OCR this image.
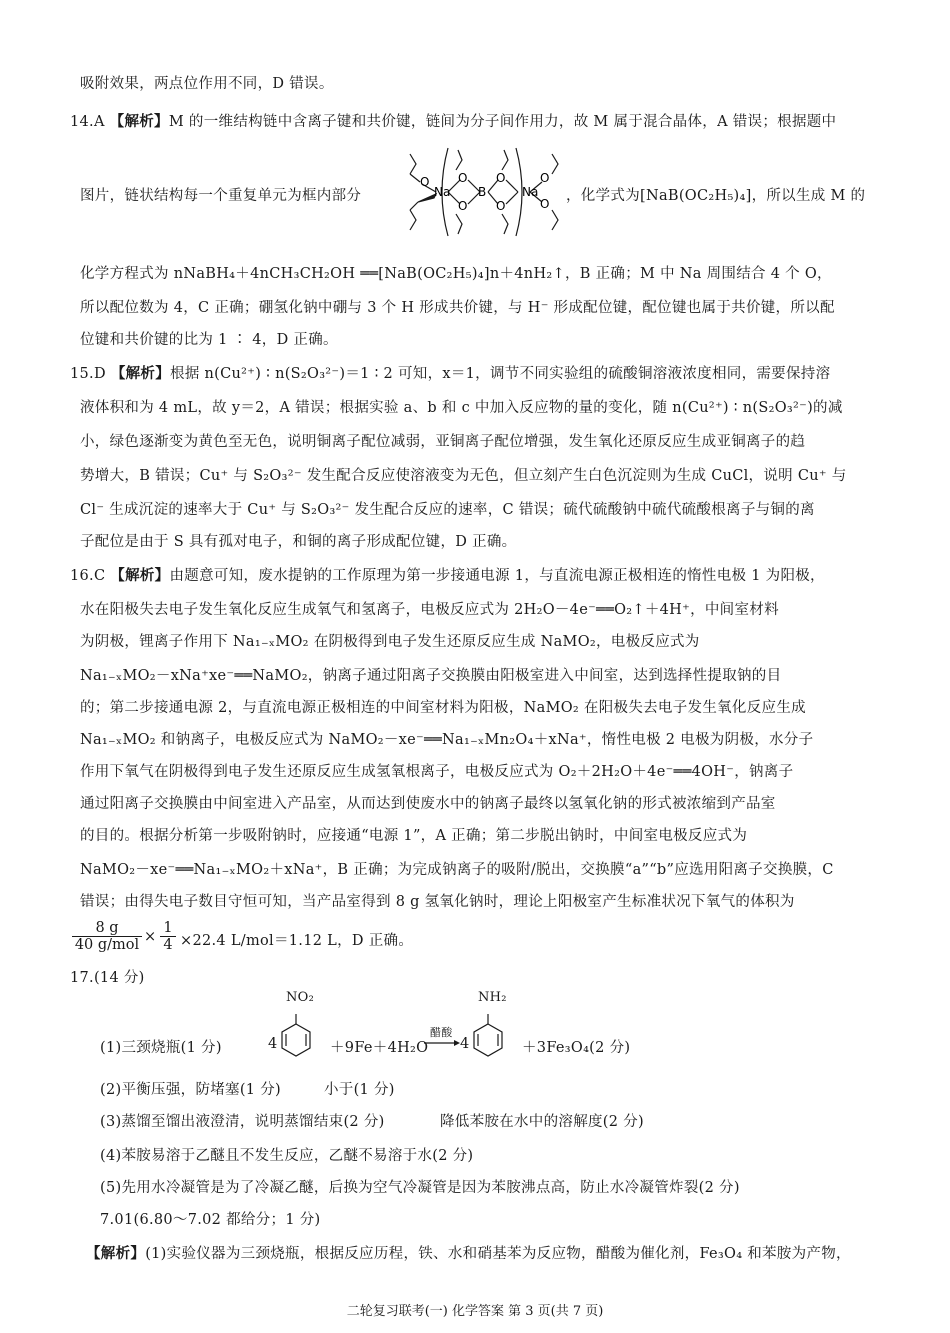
吸附效果，两点位作用不同，D 错误。
14.A 【解析】M 的一维结构链中含离子键和共价键，链间为分子间作用力，故 M 属于混合晶体，A 错误；根据题中
图片，链状结构每一个重复单元为框内部分	Na B	Na
O
O
O
O
O	O
O ，化学式为[NaB(OC₂H₅)₄]，所以生成 M 的
化学方程式为 nNaBH₄＋4nCH₃CH₂OH ══[NaB(OC₂H₅)₄]n＋4nH₂↑，B 正确；M 中 Na 周围结合 4 个 O，
所以配位数为 4，C 正确；硼氢化钠中硼与 3 个 H 形成共价键，与 H⁻ 形成配位键，配位键也属于共价键，所以配
位键和共价键的比为 1 ∶ 4，D 正确。
15.D 【解析】根据 n(Cu²⁺) ∶ n(S₂O₃²⁻)＝1 ∶ 2 可知，x＝1，调节不同实验组的硫酸铜溶液浓度相同，需要保持溶
液体积和为 4 mL，故 y＝2，A 错误；根据实验 a、b 和 c 中加入反应物的量的变化，随 n(Cu²⁺) ∶ n(S₂O₃²⁻)的减
小，绿色逐渐变为黄色至无色，说明铜离子配位减弱，亚铜离子配位增强，发生氧化还原反应生成亚铜离子的趋
势增大，B 错误；Cu⁺ 与 S₂O₃²⁻ 发生配合反应使溶液变为无色，但立刻产生白色沉淀则为生成 CuCl，说明 Cu⁺ 与
Cl⁻ 生成沉淀的速率大于 Cu⁺ 与 S₂O₃²⁻ 发生配合反应的速率，C 错误；硫代硫酸钠中硫代硫酸根离子与铜的离
子配位是由于 S 具有孤对电子，和铜的离子形成配位键，D 正确。
16.C 【解析】由题意可知，废水提钠的工作原理为第一步接通电源 1，与直流电源正极相连的惰性电极 1 为阳极，
水在阳极失去电子发生氧化反应生成氧气和氢离子，电极反应式为 2H₂O－4e⁻══O₂↑＋4H⁺，中间室材料
为阴极，锂离子作用下 Na₁₋ₓMO₂ 在阴极得到电子发生还原反应生成 NaMO₂，电极反应式为
Na₁₋ₓMO₂－xNa⁺xe⁻══NaMO₂，钠离子通过阳离子交换膜由阳极室进入中间室，达到选择性提取钠的目
的；第二步接通电源 2，与直流电源正极相连的中间室材料为阳极，NaMO₂ 在阳极失去电子发生氧化反应生成
Na₁₋ₓMO₂ 和钠离子，电极反应式为 NaMO₂－xe⁻══Na₁₋ₓMn₂O₄＋xNa⁺，惰性电极 2 电极为阴极，水分子
作用下氧气在阴极得到电子发生还原反应生成氢氧根离子，电极反应式为 O₂＋2H₂O＋4e⁻══4OH⁻，钠离子
通过阳离子交换膜由中间室进入产品室，从而达到使废水中的钠离子最终以氢氧化钠的形式被浓缩到产品室
的目的。根据分析第一步吸附钠时，应接通“电源 1”，A 正确；第二步脱出钠时，中间室电极反应式为
NaMO₂－xe⁻══Na₁₋ₓMO₂＋xNa⁺，B 正确；为完成钠离子的吸附/脱出，交换膜“a”“b”应选用阳离子交换膜，C
错误；由得失电子数目守恒可知，当产品室得到 8 g 氢氧化钠时，理论上阳极室产生标准状况下氧气的体积为
8 g
40 $g/mol \times \frac{1}{4} \times 22.4$ L/mol＝1.12 L，D 正确。
17.(14 分)
(1)三颈烧瓶(1 分)	4
NO₂
＋9Fe＋4H₂O
醋酸
→ 4
NH₂
＋3Fe₃O₄(2 分)
(2)平衡压强，防堵塞(1 分)	小于(1 分)
(3)蒸馏至馏出液澄清，说明蒸馏结束(2 分)	降低苯胺在水中的溶解度(2 分)
(4)苯胺易溶于乙醚且不发生反应，乙醚不易溶于水(2 分)
(5)先用水冷凝管是为了冷凝乙醚，后换为空气冷凝管是因为苯胺沸点高，防止水冷凝管炸裂(2 分)
7.01(6.80～7.02 都给分；1 分)
【解析】(1)实验仪器为三颈烧瓶，根据反应历程，铁、水和硝基苯为反应物，醋酸为催化剂，Fe₃O₄ 和苯胺为产物，
二轮复习联考(一) 化学答案 第 3 页(共 7 页)
